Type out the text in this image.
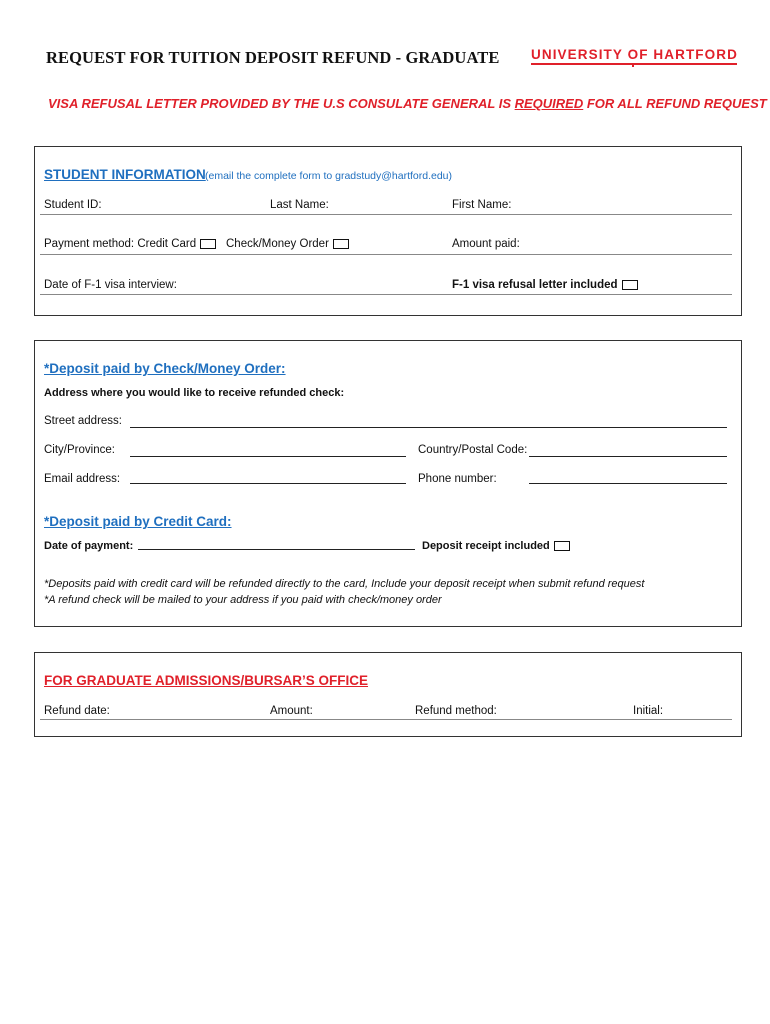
REQUEST FOR TUITION DEPOSIT REFUND - GRADUATE UNIVERSITY OF HARTFORD
VISA REFUSAL LETTER PROVIDED BY THE U.S CONSULATE GENERAL IS REQUIRED FOR ALL REFUND REQUEST
STUDENT INFORMATION (email the complete form to gradstudy@hartford.edu)
Student ID:	Last Name:	First Name:
Payment method: Credit Card	Check/Money Order	Amount paid:
Date of F-1 visa interview:	F-1 visa refusal letter included
*Deposit paid by Check/Money Order:
Address where you would like to receive refunded check:
Street address:
City/Province:	Country/Postal Code:
Email address:	Phone number:
*Deposit paid by Credit Card:
Date of payment:	Deposit receipt included
*Deposits paid with credit card will be refunded directly to the card, Include your deposit receipt when submit refund request
*A refund check will be mailed to your address if you paid with check/money order
FOR GRADUATE ADMISSIONS/BURSAR’S OFFICE
Refund date:	Amount:	Refund method:	Initial:
